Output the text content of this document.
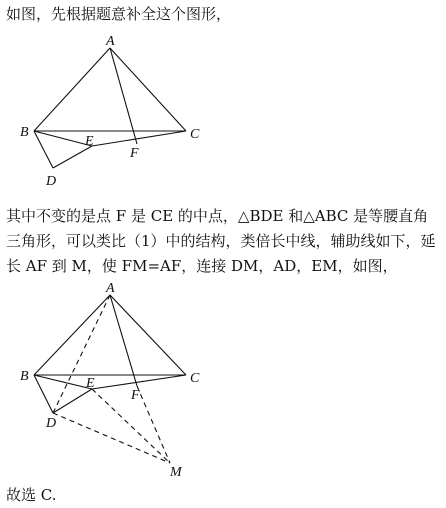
如图，先根据题意补全这个图形，

A
B	C
D
E
F

其中不变的是点 F 是 CE 的中点，△BDE 和△ABC 是等腰直角三角形，可以类比（1）中的结构，类倍长中线，辅助线如下，延长 AF 到 M，使 FM=AF，连接 DM，AD，EM，如图，

A
B	C
D
E
F
M

故选 C.
